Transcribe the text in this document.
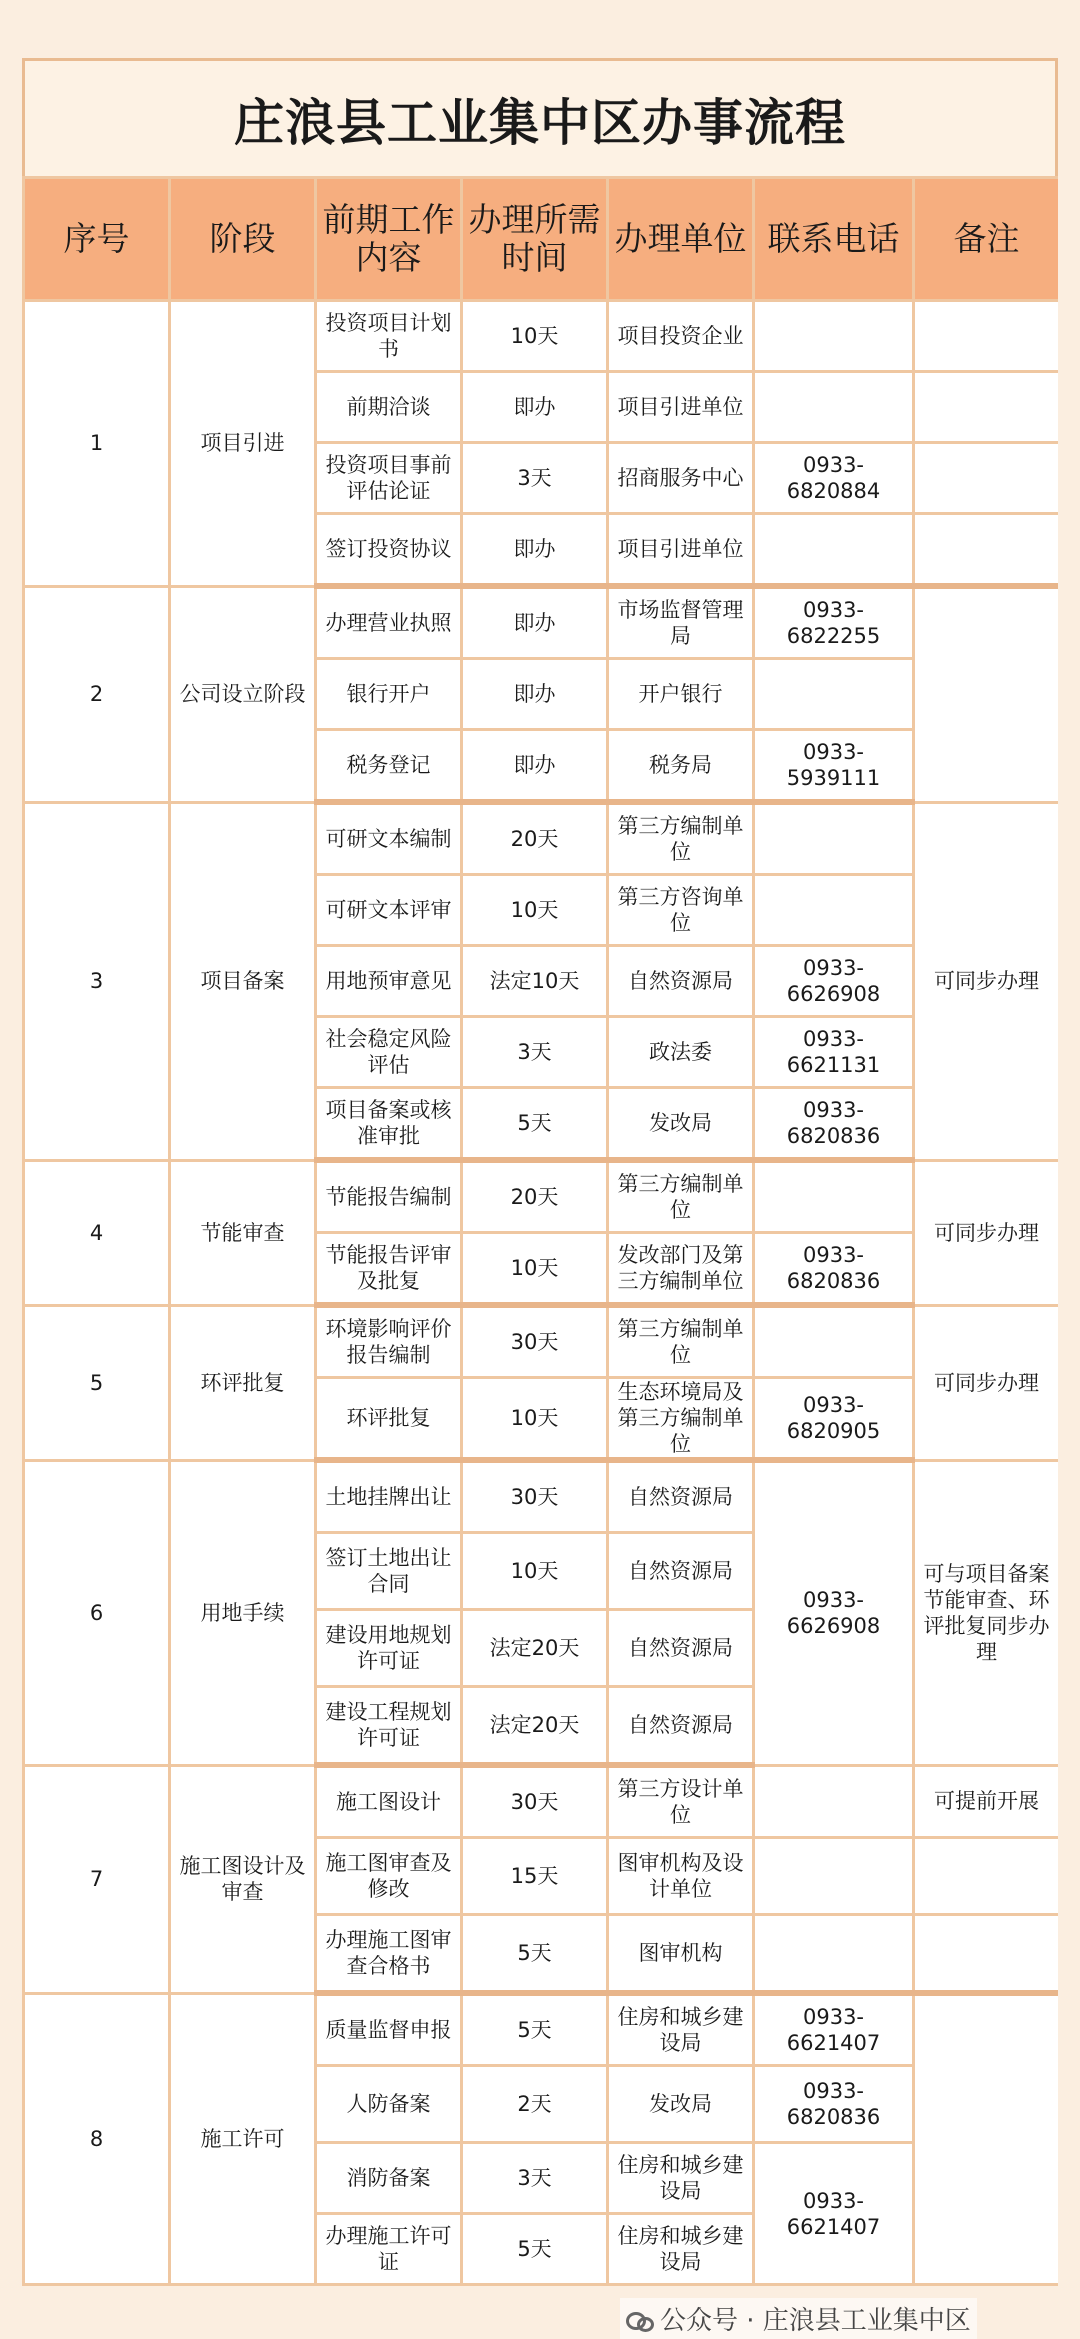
庄浪县工业集中区办事流程
序号	阶段	前期工作内容	办理所需时间	办理单位	联系电话	备注
1	项目引进	投资项目计划书	10天	项目投资企业		
		前期洽谈	即办	项目引进单位		
		投资项目事前评估论证	3天	招商服务中心	0933-6820884	
		签订投资协议	即办	项目引进单位		
2	公司设立阶段	办理营业执照	即办	市场监督管理局	0933-6822255	
		银行开户	即办	开户银行		
		税务登记	即办	税务局	0933-5939111	
3	项目备案	可研文本编制	20天	第三方编制单位		可同步办理
		可研文本评审	10天	第三方咨询单位		
		用地预审意见	法定10天	自然资源局	0933-6626908	
		社会稳定风险评估	3天	政法委	0933-6621131	
		项目备案或核准审批	5天	发改局	0933-6820836	
4	节能审查	节能报告编制	20天	第三方编制单位		可同步办理
		节能报告评审及批复	10天	发改部门及第三方编制单位	0933-6820836	
5	环评批复	环境影响评价报告编制	30天	第三方编制单位		可同步办理
		环评批复	10天	生态环境局及第三方编制单位	0933-6820905	
6	用地手续	土地挂牌出让	30天	自然资源局	0933-6626908	可与项目备案节能审查、环评批复同步办理
		签订土地出让合同	10天	自然资源局		
		建设用地规划许可证	法定20天	自然资源局		
		建设工程规划许可证	法定20天	自然资源局		
7	施工图设计及审查	施工图设计	30天	第三方设计单位		可提前开展
		施工图审查及修改	15天	图审机构及设计单位		
		办理施工图审查合格书	5天	图审机构		
8	施工许可	质量监督申报	5天	住房和城乡建设局	0933-6621407	
		人防备案	2天	发改局	0933-6820836	
		消防备案	3天	住房和城乡建设局	0933-6621407	
		办理施工许可证	5天	住房和城乡建设局		
公众号 · 庄浪县工业集中区
